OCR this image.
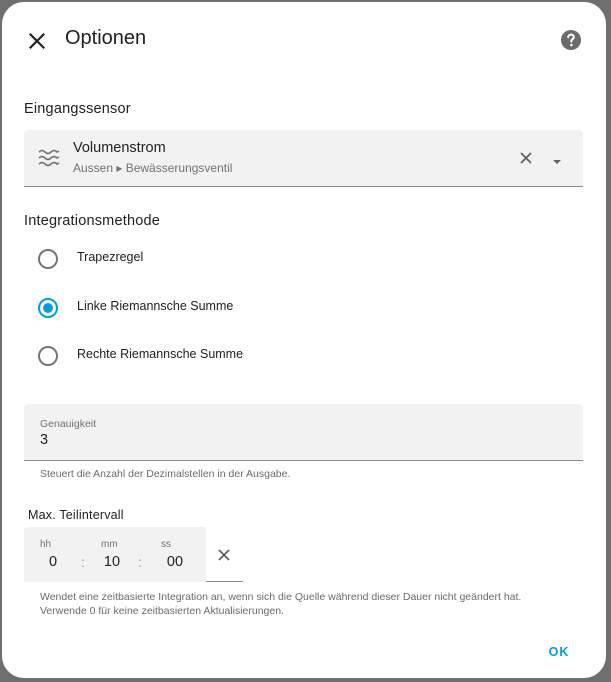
Optionen
Eingangssensor
Volumenstrom
Aussen ▸ Bewässerungsventil
Integrationsmethode
Trapezregel
Linke Riemannsche Summe
Rechte Riemannsche Summe
Genauigkeit
3
Steuert die Anzahl der Dezimalstellen in der Ausgabe.
Max. Teilintervall
hh	mm	ss
0	:	10	:	00
Wendet eine zeitbasierte Integration an, wenn sich die Quelle während dieser Dauer nicht geändert hat.
Verwende 0 für keine zeitbasierten Aktualisierungen.
OK
